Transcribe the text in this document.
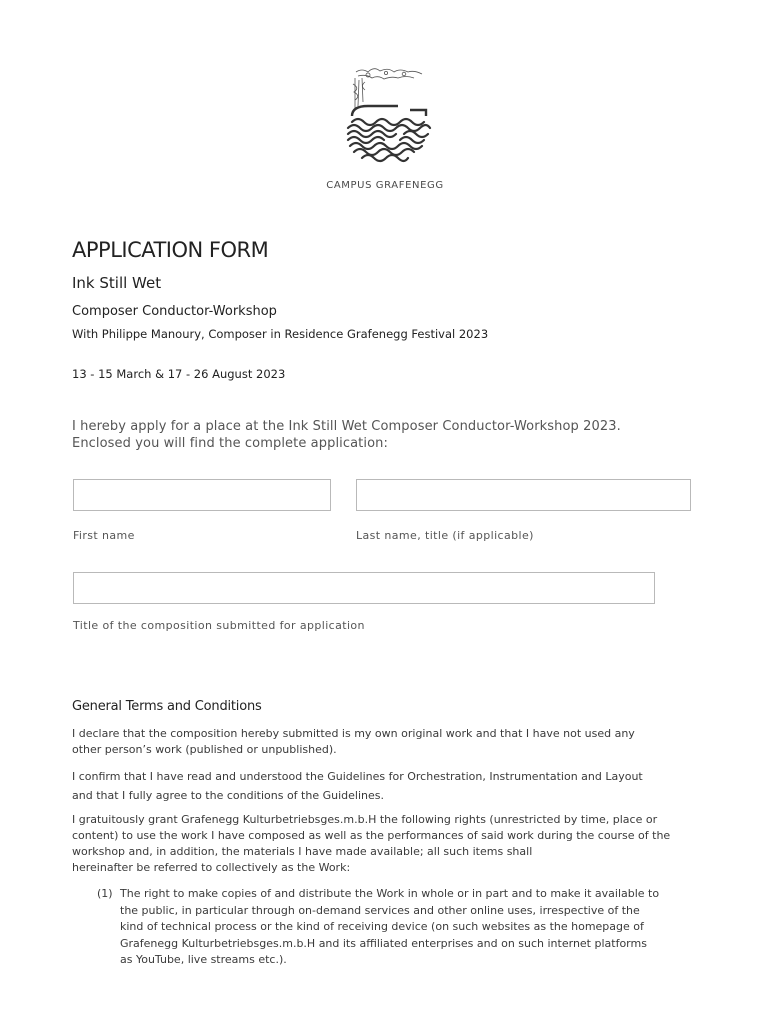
CAMPUS GRAFENEGG
APPLICATION FORM
Ink Still Wet
Composer Conductor-Workshop
With Philippe Manoury, Composer in Residence Grafenegg Festival 2023
13 - 15 March & 17 - 26 August 2023
I hereby apply for a place at the Ink Still Wet Composer Conductor-Workshop 2023.
Enclosed you will find the complete application:
First name	Last name, title (if applicable)
Title of the composition submitted for application
General Terms and Conditions
I declare that the composition hereby submitted is my own original work and that I have not used any
other person’s work (published or unpublished).
I confirm that I have read and understood the Guidelines for Orchestration, Instrumentation and Layout
and that I fully agree to the conditions of the Guidelines.
I gratuitously grant Grafenegg Kulturbetriebsges.m.b.H the following rights (unrestricted by time, place or
content) to use the work I have composed as well as the performances of said work during the course of the
workshop and, in addition, the materials I have made available; all such items shall
hereinafter be referred to collectively as the Work:
(1) The right to make copies of and distribute the Work in whole or in part and to make it available to
the public, in particular through on-demand services and other online uses, irrespective of the
kind of technical process or the kind of receiving device (on such websites as the homepage of
Grafenegg Kulturbetriebsges.m.b.H and its affiliated enterprises and on such internet platforms
as YouTube, live streams etc.).
